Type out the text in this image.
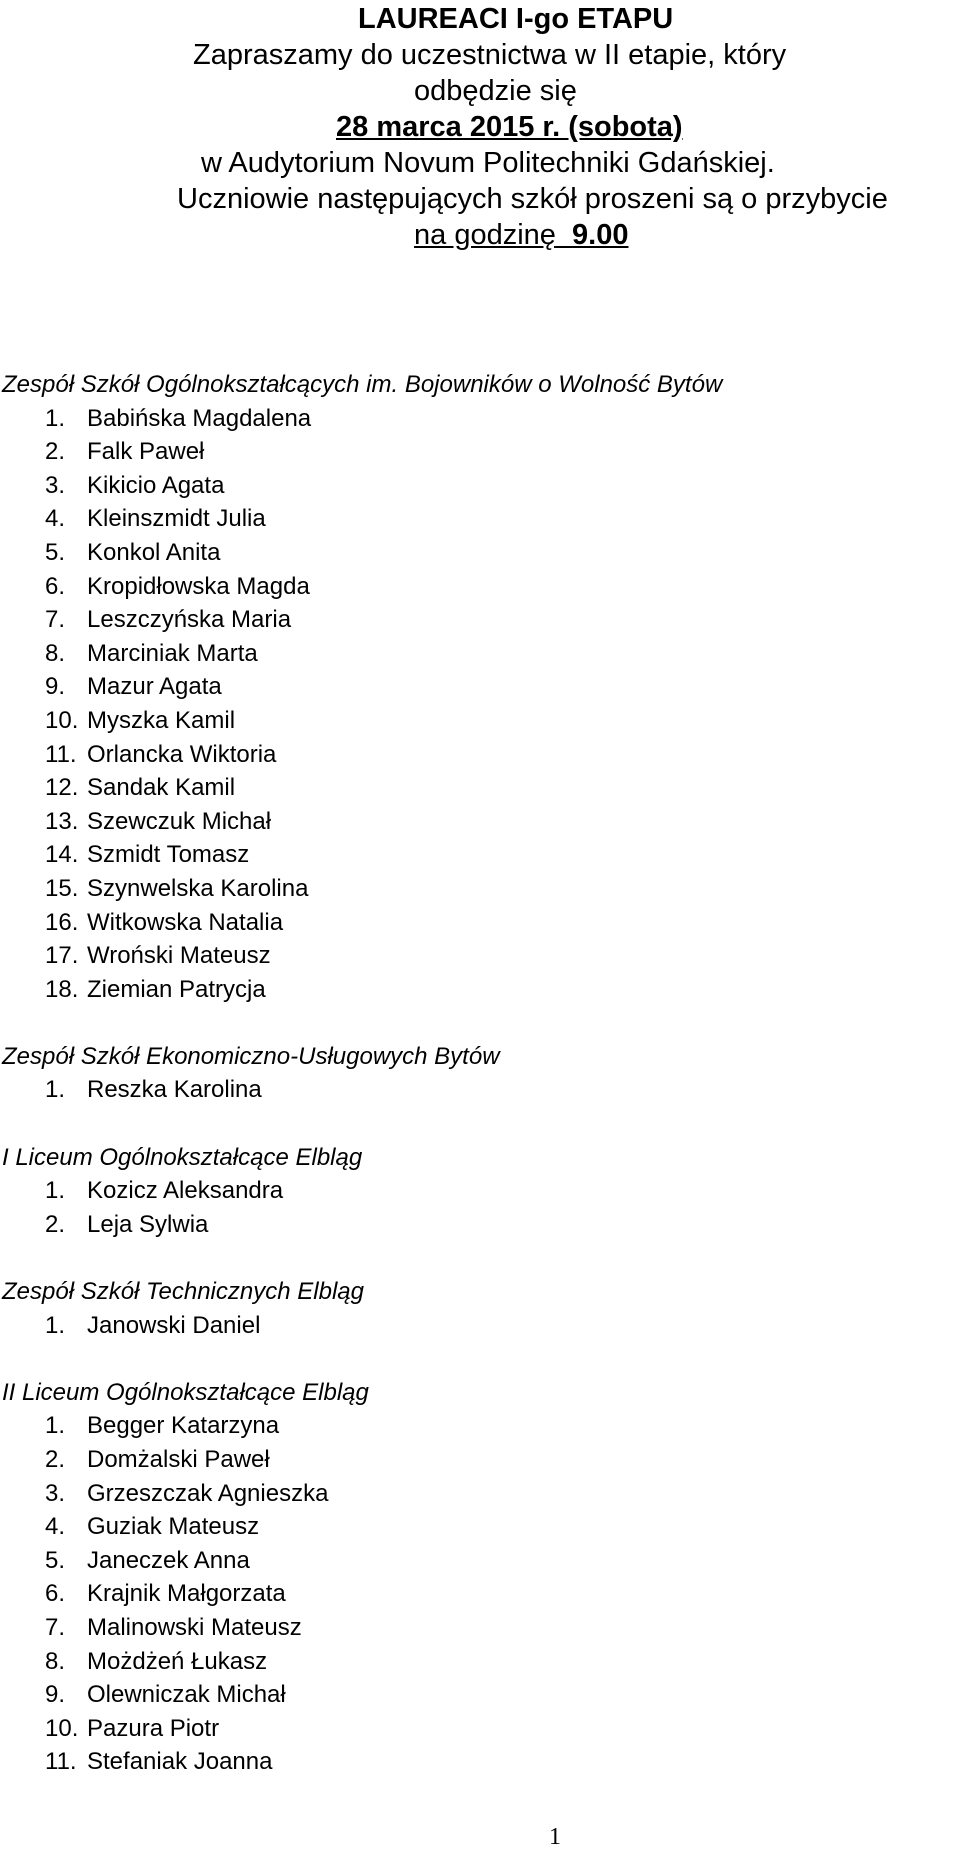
LAUREACI I-go ETAPU
Zapraszamy do uczestnictwa w II etapie, który
odbędzie się
28 marca 2015 r. (sobota)
w Audytorium Novum Politechniki Gdańskiej.
Uczniowie następujących szkół proszeni są o przybycie
na godzinę 9.00
Zespół Szkół Ogólnokształcących im. Bojowników o Wolność Bytów
1. Babińska Magdalena
2. Falk Paweł
3. Kikicio Agata
4. Kleinszmidt Julia
5. Konkol Anita
6. Kropidłowska Magda
7. Leszczyńska Maria
8. Marciniak Marta
9. Mazur Agata
10. Myszka Kamil
11. Orlancka Wiktoria
12. Sandak Kamil
13. Szewczuk Michał
14. Szmidt Tomasz
15. Szynwelska Karolina
16. Witkowska Natalia
17. Wroński Mateusz
18. Ziemian Patrycja
Zespół Szkół Ekonomiczno-Usługowych Bytów
1. Reszka Karolina
I Liceum Ogólnokształcące Elbląg
1. Kozicz Aleksandra
2. Leja Sylwia
Zespół Szkół Technicznych Elbląg
1. Janowski Daniel
II Liceum Ogólnokształcące Elbląg
1. Begger Katarzyna
2. Domżalski Paweł
3. Grzeszczak Agnieszka
4. Guziak Mateusz
5. Janeczek Anna
6. Krajnik Małgorzata
7. Malinowski Mateusz
8. Możdżeń Łukasz
9. Olewniczak Michał
10. Pazura Piotr
11. Stefaniak Joanna
1
